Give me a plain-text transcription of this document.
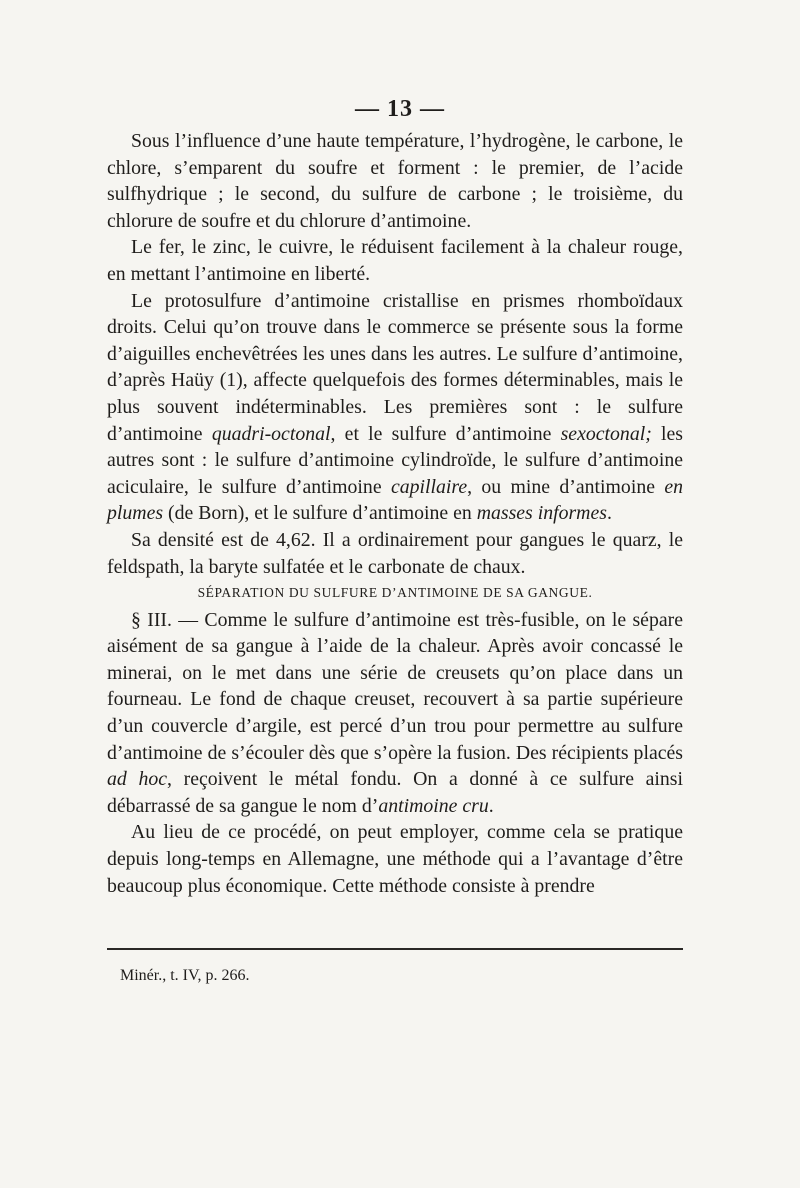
— 13 —

Sous l’influence d’une haute température, l’hydrogène, le carbone, le chlore, s’emparent du soufre et forment : le premier, de l’acide sulfhydrique ; le second, du sulfure de carbone ; le troisième, du chlorure de soufre et du chlorure d’antimoine.

Le fer, le zinc, le cuivre, le réduisent facilement à la chaleur rouge, en mettant l’antimoine en liberté.

Le protosulfure d’antimoine cristallise en prismes rhomboïdaux droits. Celui qu’on trouve dans le commerce se présente sous la forme d’aiguilles enchevêtrées les unes dans les autres. Le sulfure d’antimoine, d’après Haüy (1), affecte quelquefois des formes déterminables, mais le plus souvent indéterminables. Les premières sont : le sulfure d’antimoine quadri-octonal, et le sulfure d’antimoine sexoctonal; les autres sont : le sulfure d’antimoine cylindroïde, le sulfure d’antimoine aciculaire, le sulfure d’antimoine capillaire, ou mine d’antimoine en plumes (de Born), et le sulfure d’antimoine en masses informes.

Sa densité est de 4,62. Il a ordinairement pour gangues le quarz, le feldspath, la baryte sulfatée et le carbonate de chaux.

SÉPARATION DU SULFURE D’ANTIMOINE DE SA GANGUE.

§ III. — Comme le sulfure d’antimoine est très-fusible, on le sépare aisément de sa gangue à l’aide de la chaleur. Après avoir concassé le minerai, on le met dans une série de creusets qu’on place dans un fourneau. Le fond de chaque creuset, recouvert à sa partie supérieure d’un couvercle d’argile, est percé d’un trou pour permettre au sulfure d’antimoine de s’écouler dès que s’opère la fusion. Des récipients placés ad hoc, reçoivent le métal fondu. On a donné à ce sulfure ainsi débarrassé de sa gangue le nom d’antimoine cru.

Au lieu de ce procédé, on peut employer, comme cela se pratique depuis long-temps en Allemagne, une méthode qui a l’avantage d’être beaucoup plus économique. Cette méthode consiste à prendre

Minér., t. IV, p. 266.
